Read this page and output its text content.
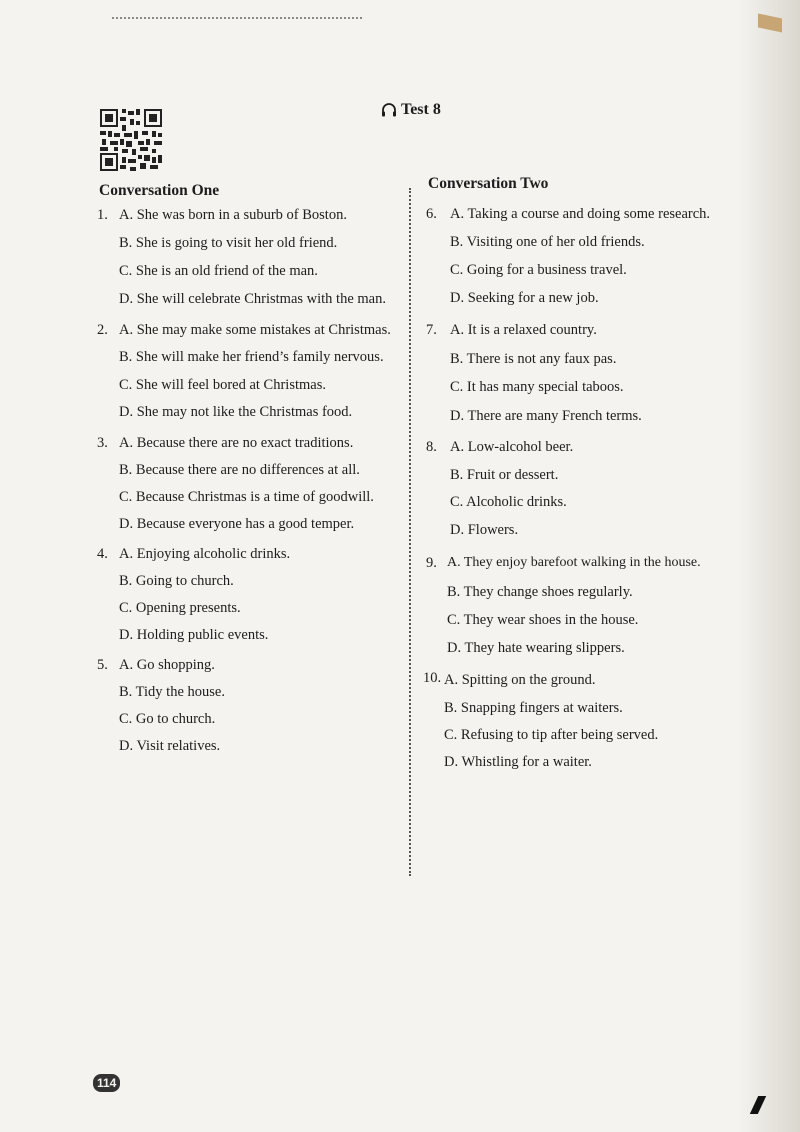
Test 8
Conversation One	Conversation Two
1. A. She was born in a suburb of Boston.
B. She is going to visit her old friend.
C. She is an old friend of the man.
D. She will celebrate Christmas with the man.
2. A. She may make some mistakes at Christmas.
B. She will make her friend’s family nervous.
C. She will feel bored at Christmas.
D. She may not like the Christmas food.
3. A. Because there are no exact traditions.
B. Because there are no differences at all.
C. Because Christmas is a time of goodwill.
D. Because everyone has a good temper.
4. A. Enjoying alcoholic drinks.
B. Going to church.
C. Opening presents.
D. Holding public events.
5. A. Go shopping.
B. Tidy the house.
C. Go to church.
D. Visit relatives.
6. A. Taking a course and doing some research.
B. Visiting one of her old friends.
C. Going for a business travel.
D. Seeking for a new job.
7. A. It is a relaxed country.
B. There is not any faux pas.
C. It has many special taboos.
D. There are many French terms.
8. A. Low-alcohol beer.
B. Fruit or dessert.
C. Alcoholic drinks.
D. Flowers.
9. A. They enjoy barefoot walking in the house.
B. They change shoes regularly.
C. They wear shoes in the house.
D. They hate wearing slippers.
10. A. Spitting on the ground.
B. Snapping fingers at waiters.
C. Refusing to tip after being served.
D. Whistling for a waiter.
114
